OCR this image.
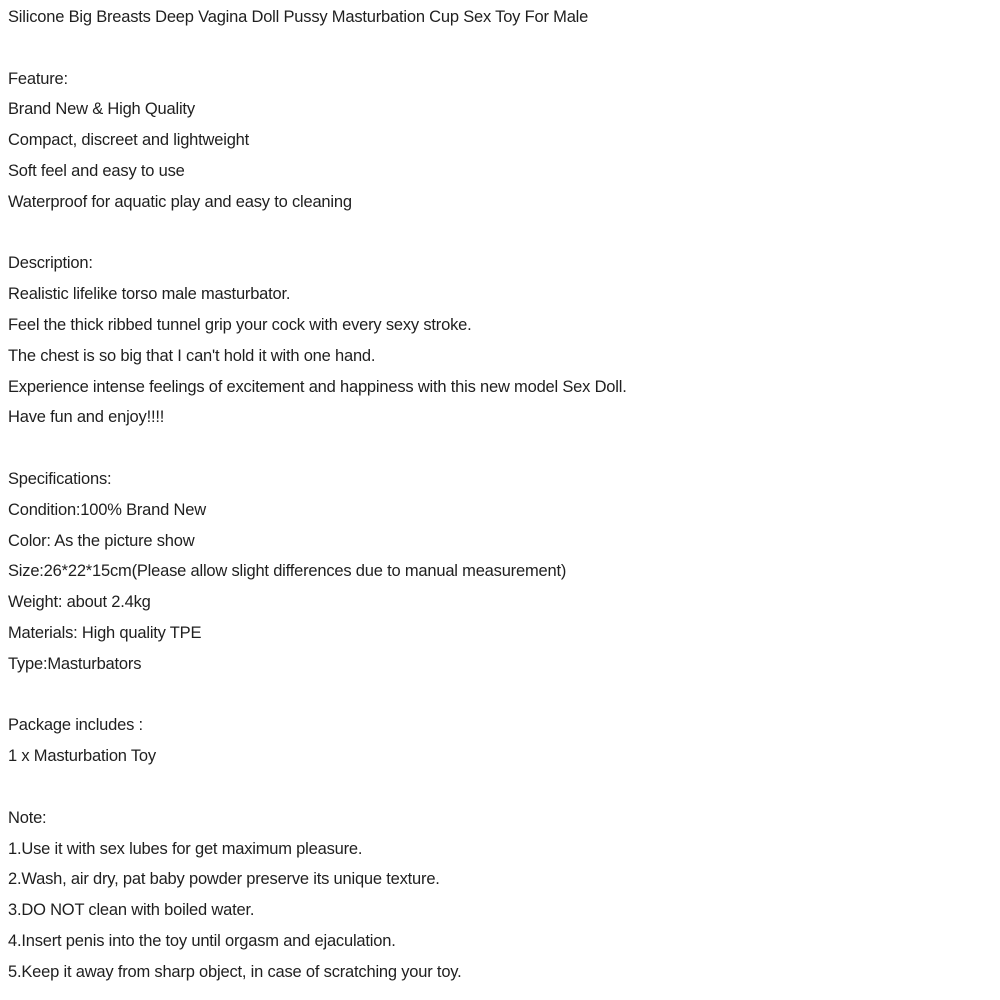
Silicone Big Breasts Deep Vagina Doll Pussy Masturbation Cup Sex Toy For Male
Feature:
Brand New & High Quality
Compact, discreet and lightweight
Soft feel and easy to use
Waterproof for aquatic play and easy to cleaning
Description:
Realistic lifelike torso male masturbator.
Feel the thick ribbed tunnel grip your cock with every sexy stroke.
The chest is so big that I can't hold it with one hand.
Experience intense feelings of excitement and happiness with this new model Sex Doll.
Have fun and enjoy!!!!
Specifications:
Condition:100% Brand New
Color: As the picture show
Size:26*22*15cm(Please allow slight differences due to manual measurement)
Weight: about 2.4kg
Materials: High quality TPE
Type:Masturbators
Package includes :
1 x Masturbation Toy
Note:
1.Use it with sex lubes for get maximum pleasure.
2.Wash, air dry, pat baby powder preserve its unique texture.
3.DO NOT clean with boiled water.
4.Insert penis into the toy until orgasm and ejaculation.
5.Keep it away from sharp object, in case of scratching your toy.
